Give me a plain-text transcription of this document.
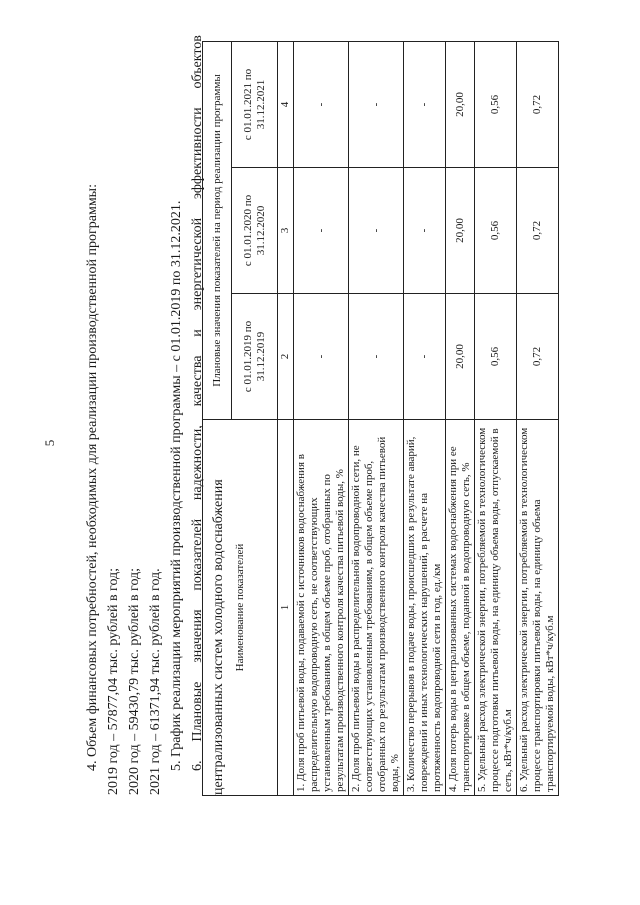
5 4. Объем финансовых потребностей, необходимых для реализации производственной программы: 2019 год – 57877,04 тыс. рублей в год; 2020 год – 59430,79 тыс. рублей в год; 2021 год – 61371,94 тыс. рублей в год. 5. График реализации мероприятий производственной программы – с 01.01.2019 по 31.12.2021. 6.
Плановые
значения
показателей
надежности,
качества
и
энергетической
эффективности
объектов
централизованных систем холодного водоснабжения Наименование показателей	Плановые значения показателей на период реализации программы		
	с 01.01.2019 по 31.12.2019	с 01.01.2020 по 31.12.2020	с 01.01.2021 по 31.12.2021
1	2	3	4
1. Доля проб питьевой воды, подаваемой с источников водоснабжения в распределительную водопроводную сеть, не соответствующих установленным требованиям, в общем объеме проб, отобранных по результатам производственного контроля качества питьевой воды, %	-	-	-
2. Доля проб питьевой воды в распределительной водопроводной сети, не соответствующих установленным требованиям, в общем объеме проб, отобранных по результатам производственного контроля качества питьевой воды, %	-	-	-
3. Количество перерывов в подаче воды, происшедших в результате аварий, повреждений и иных технологических нарушений, в расчете на протяженность водопроводной сети в год, ед./км	-	-	-
4. Доля потерь воды в централизованных системах водоснабжения при ее транспортировке в общем объеме, поданной в водопроводную сеть, %	20,00	20,00	20,00
5. Удельный расход электрической энергии, потребляемой в технологическом процессе подготовки питьевой воды, на единицу объема воды, отпускаемой в сеть, кВт*ч/куб.м	0,56	0,56	0,56
6. Удельный расход электрической энергии, потребляемой в технологическом процессе транспортировки питьевой воды, на единицу объема транспортируемой воды, кВт*ч/куб.м	0,72	0,72	0,72
